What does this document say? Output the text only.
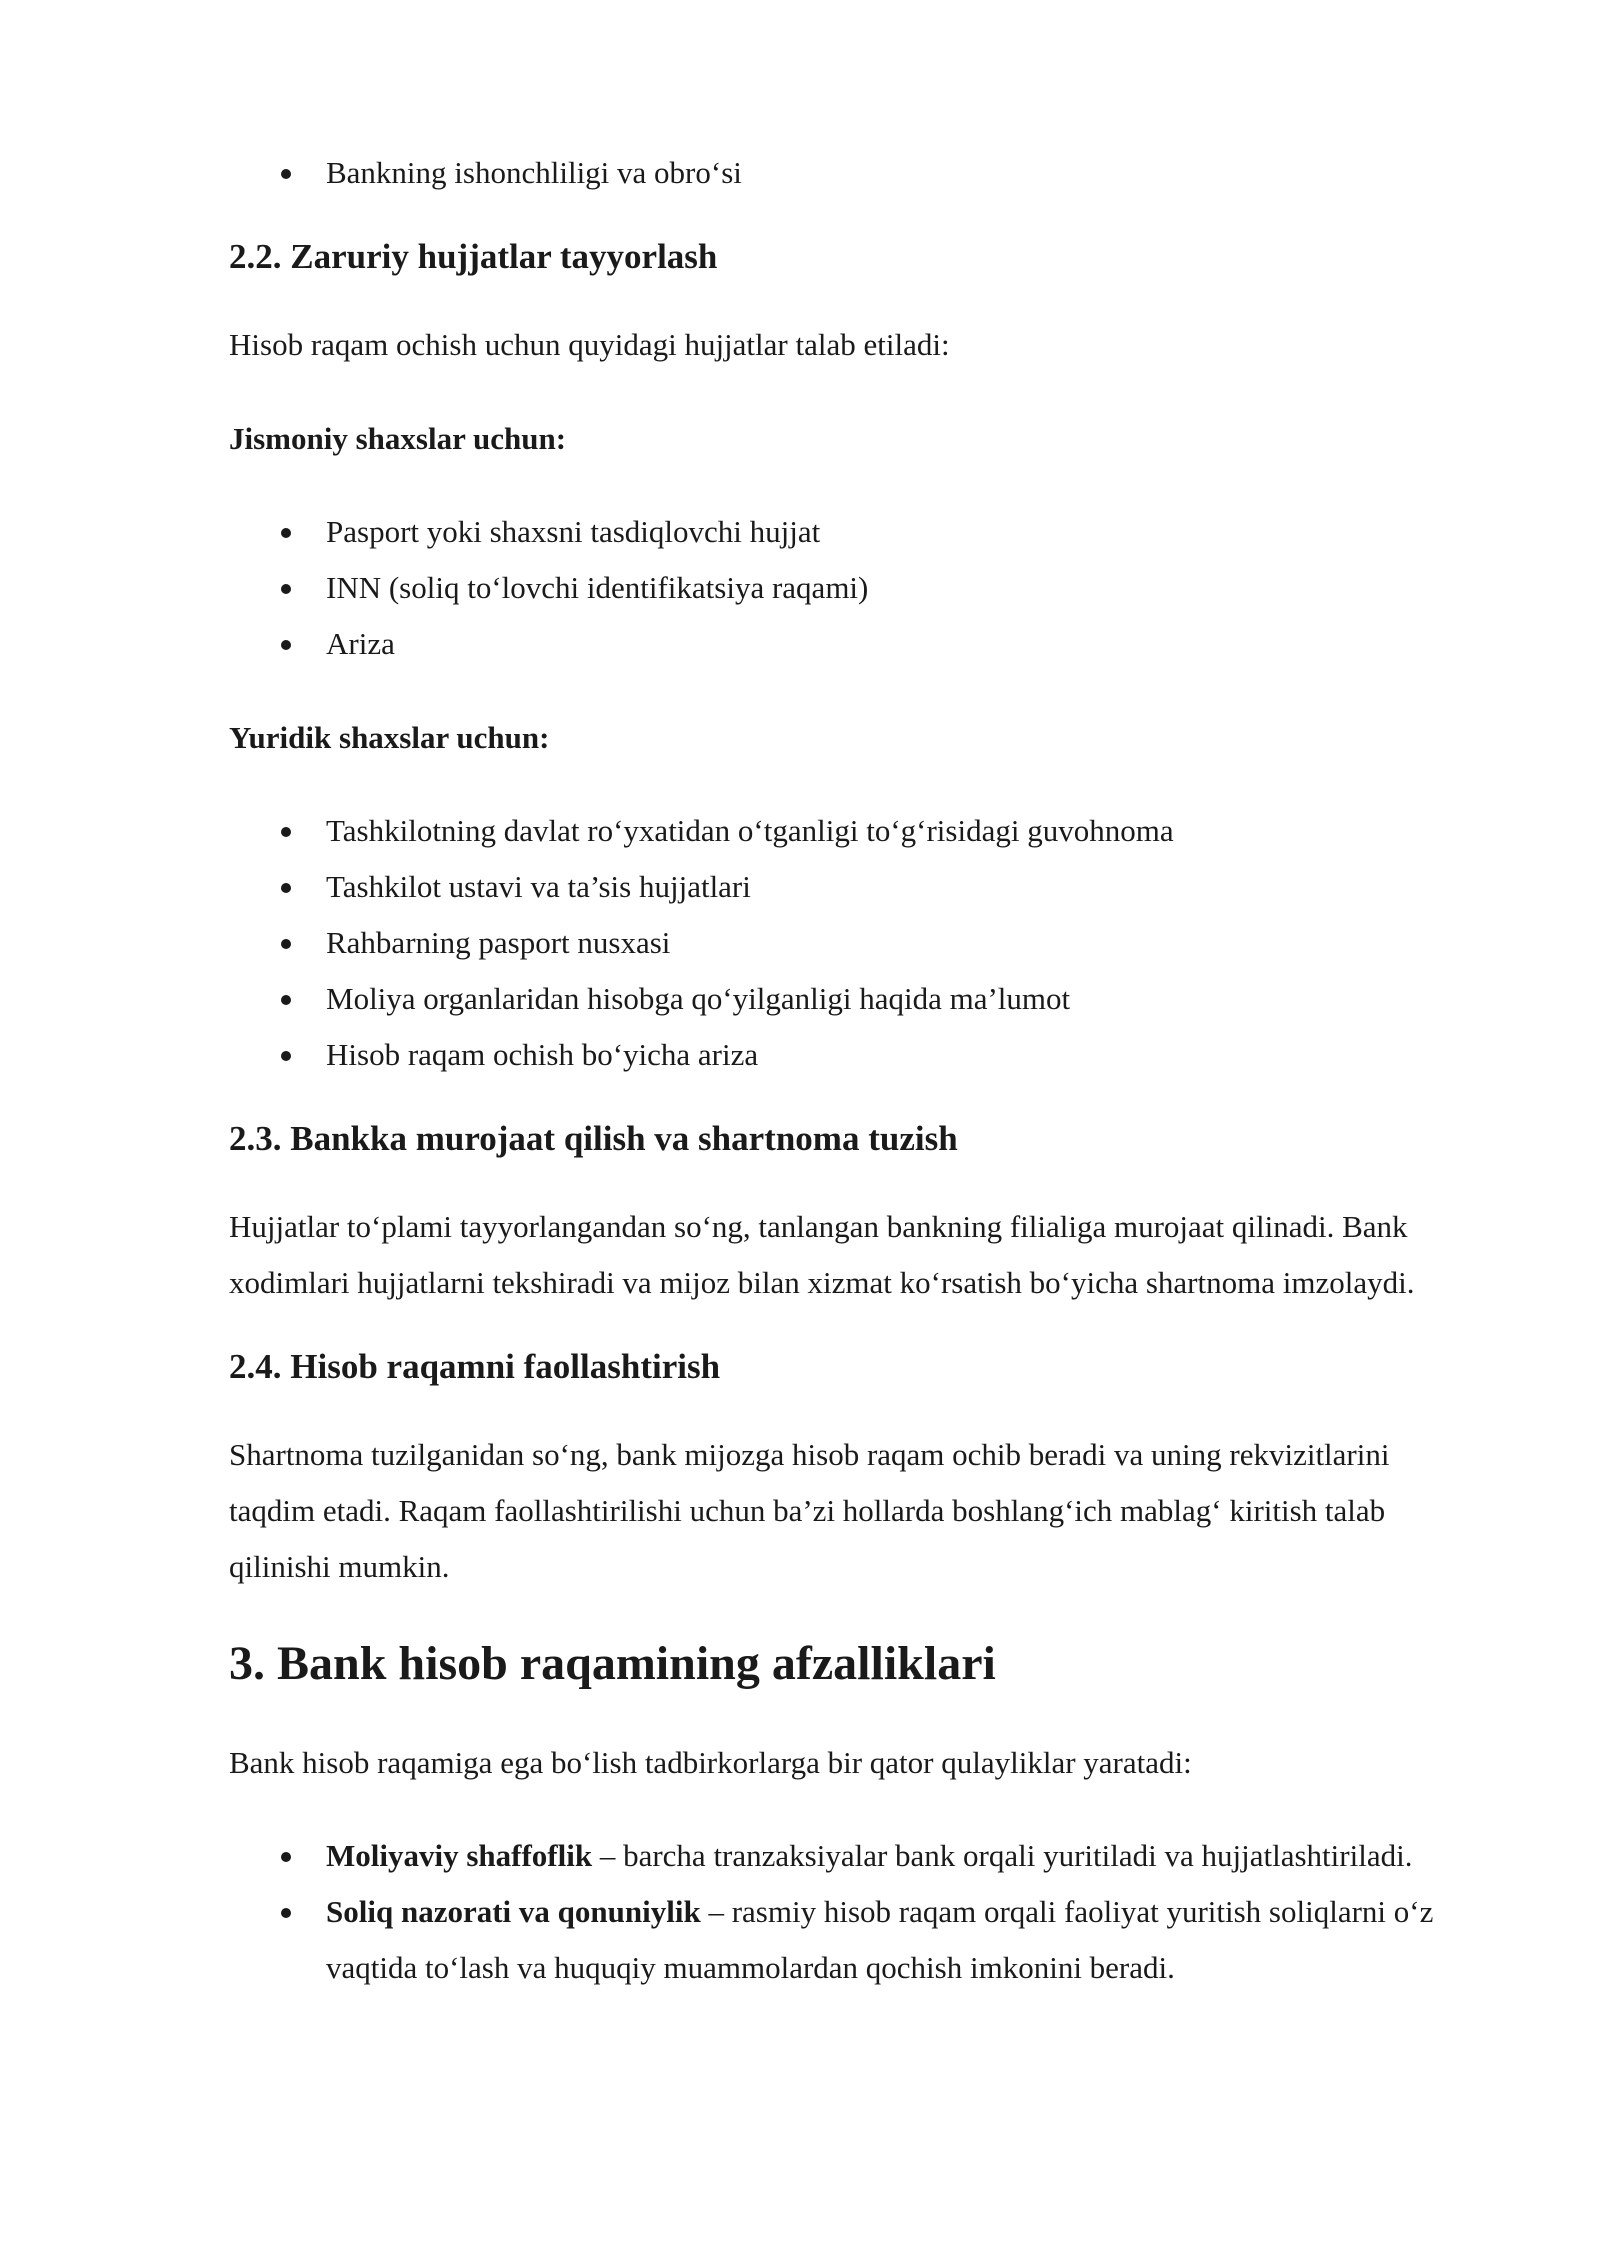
Bankning ishonchliligi va obro‘si
2.2. Zaruriy hujjatlar tayyorlash

Hisob raqam ochish uchun quyidagi hujjatlar talab etiladi:

Jismoniy shaxslar uchun:

Pasport yoki shaxsni tasdiqlovchi hujjat
INN (soliq to‘lovchi identifikatsiya raqami)
Ariza

Yuridik shaxslar uchun:

Tashkilotning davlat ro‘yxatidan o‘tganligi to‘g‘risidagi guvohnoma
Tashkilot ustavi va ta’sis hujjatlari
Rahbarning pasport nusxasi
Moliya organlaridan hisobga qo‘yilganligi haqida ma’lumot
Hisob raqam ochish bo‘yicha ariza
2.3. Bankka murojaat qilish va shartnoma tuzish

Hujjatlar to‘plami tayyorlangandan so‘ng, tanlangan bankning filialiga murojaat qilinadi. Bank xodimlari hujjatlarni tekshiradi va mijoz bilan xizmat ko‘rsatish bo‘yicha shartnoma imzolaydi.

2.4. Hisob raqamni faollashtirish

Shartnoma tuzilganidan so‘ng, bank mijozga hisob raqam ochib beradi va uning rekvizitlarini taqdim etadi. Raqam faollashtirilishi uchun ba’zi hollarda boshlang‘ich mablag‘ kiritish talab qilinishi mumkin.

3. Bank hisob raqamining afzalliklari

Bank hisob raqamiga ega bo‘lish tadbirkorlarga bir qator qulayliklar yaratadi:

Moliyaviy shaffoflik – barcha tranzaksiyalar bank orqali yuritiladi va hujjatlashtiriladi.
Soliq nazorati va qonuniylik – rasmiy hisob raqam orqali faoliyat yuritish soliqlarni o‘z vaqtida to‘lash va huquqiy muammolardan qochish imkonini beradi.
